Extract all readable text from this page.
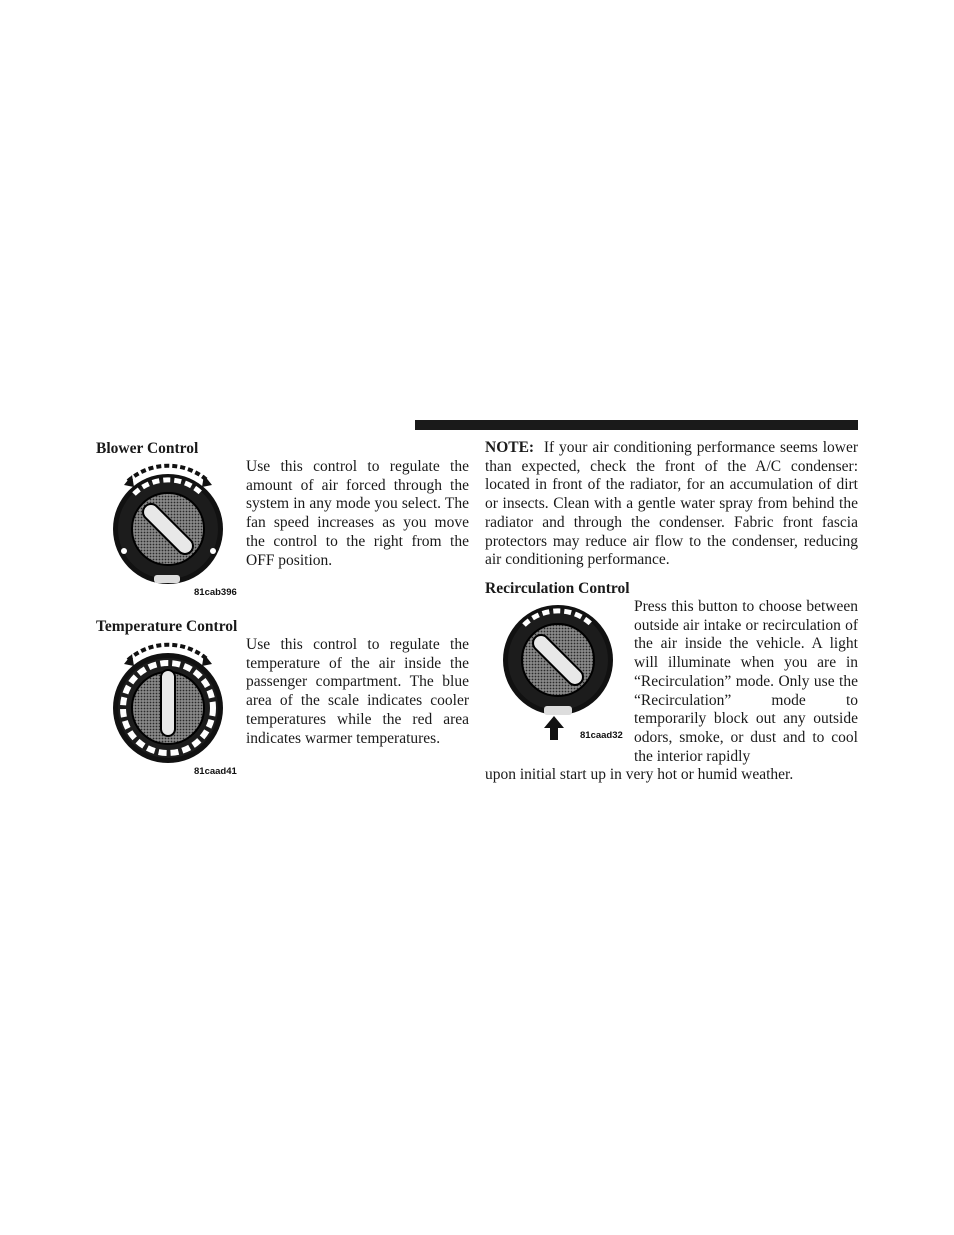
Blower Control
81cab396

Use this control to regulate the amount of air forced through the system in any mode you select. The fan speed increases as you move the control to the right from the OFF position.

Temperature Control
81caad41

Use this control to regulate the temperature of the air inside the passenger compartment. The blue area of the scale indicates cooler temperatures while the red area indicates warmer temperatures.

NOTE: If your air conditioning performance seems lower than expected, check the front of the A/C condenser: located in front of the radiator, for an accumulation of dirt or insects. Clean with a gentle water spray from behind the radiator and through the condenser. Fabric front fascia protectors may reduce air flow to the condenser, reducing air conditioning performance.

Recirculation Control
81caad32

Press this button to choose between outside air intake or recirculation of the air inside the vehicle. A light will illuminate when you are in “Recirculation” mode. Only use the “Recirculation” mode to temporarily block out any outside odors, smoke, or dust and to cool the interior rapidly

upon initial start up in very hot or humid weather.
